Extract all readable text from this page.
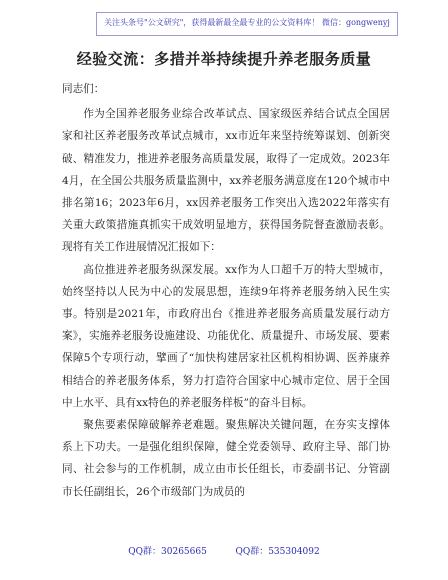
关注头条号"公文研究"，获得最新最全最专业的公文资料库！ 微信：gongwenyj
经验交流：多措并举持续提升养老服务质量

同志们：

作为全国养老服务业综合改革试点、国家级医养结合试点全国居家和社区养老服务改革试点城市，xx市近年来坚持统筹谋划、创新突破、精准发力，推进养老服务高质量发展，取得了一定成效。2023年4月，在全国公共服务质量监测中，xx养老服务满意度在120个城市中排名第16；2023年6月，xx因养老服务工作突出入选2022年落实有关重大政策措施真抓实干成效明显地方，获得国务院督查激励表彰。现将有关工作进展情况汇报如下：

高位推进养老服务纵深发展。xx作为人口超千万的特大型城市，始终坚持以人民为中心的发展思想，连续9年将养老服务纳入民生实事。特别是2021年，市政府出台《推进养老服务高质量发展行动方案》，实施养老服务设施建设、功能优化、质量提升、市场发展、要素保障5个专项行动，擘画了“加快构建居家社区机构相协调、医养康养相结合的养老服务体系，努力打造符合国家中心城市定位、居于全国中上水平、具有xx特色的养老服务样板”的奋斗目标。

聚焦要素保障破解养老难题。聚焦解决关键问题，在夯实支撑体系上下功夫。一是强化组织保障，健全党委领导、政府主导、部门协同、社会参与的工作机制，成立由市长任组长，市委副书记、分管副市长任副组长，26个市级部门为成员的

QQ群：30265665          QQ群：535304092
